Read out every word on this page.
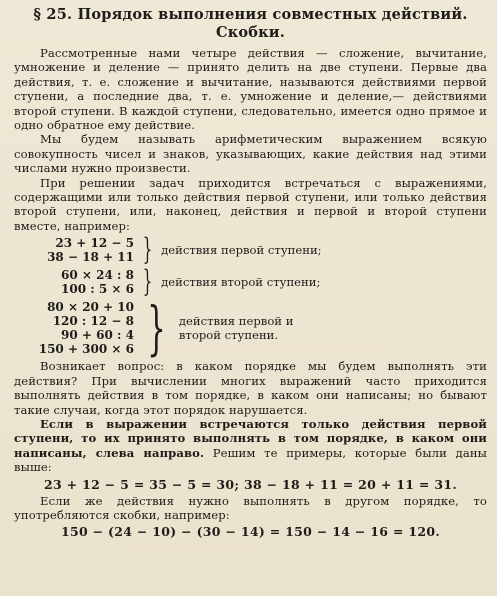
§ 25. Порядок выполнения совместных действий.
Скобки.

Рассмотренные нами четыре действия — сложение, вычитание, умножение и деление — принято делить на две ступени. Первые два действия, т. е. сложение и вычитание, называются действиями первой ступени, а последние два, т. е. умножение и деление,— действиями второй ступени. В каждой ступени, следовательно, имеется одно прямое и одно обратное ему действие.

Мы будем называть арифметическим выражением всякую совокупность чисел и знаков, указывающих, какие действия над этими числами нужно произвести.

При решении задач приходится встречаться с выражениями, содержащими или только действия первой ступени, или только действия второй ступени, или, наконец, действия и первой и второй ступени вместе, например:

23 + 12 − 5
38 − 18 + 11 } действия первой ступени;
60 × 24 : 8
100 : 5 × 6 } действия второй ступени;
80 × 20 + 10
120 : 12 − 8
90 + 60 : 4
150 + 300 × 6 } действия первой и второй ступени.

Возникает вопрос: в каком порядке мы будем выполнять эти действия? При вычислении многих выражений часто приходится выполнять действия в том порядке, в каком они написаны; но бывают такие случаи, когда этот порядок нарушается.

Если в выражении встречаются только действия первой ступени, то их принято выполнять в том порядке, в каком они написаны, слева направо. Решим те примеры, которые были даны выше:

23 + 12 − 5 = 35 − 5 = 30; 38 − 18 + 11 = 20 + 11 = 31.

Если же действия нужно выполнять в другом порядке, то употребляются скобки, например:

150 − (24 − 10) − (30 − 14) = 150 − 14 − 16 = 120.
